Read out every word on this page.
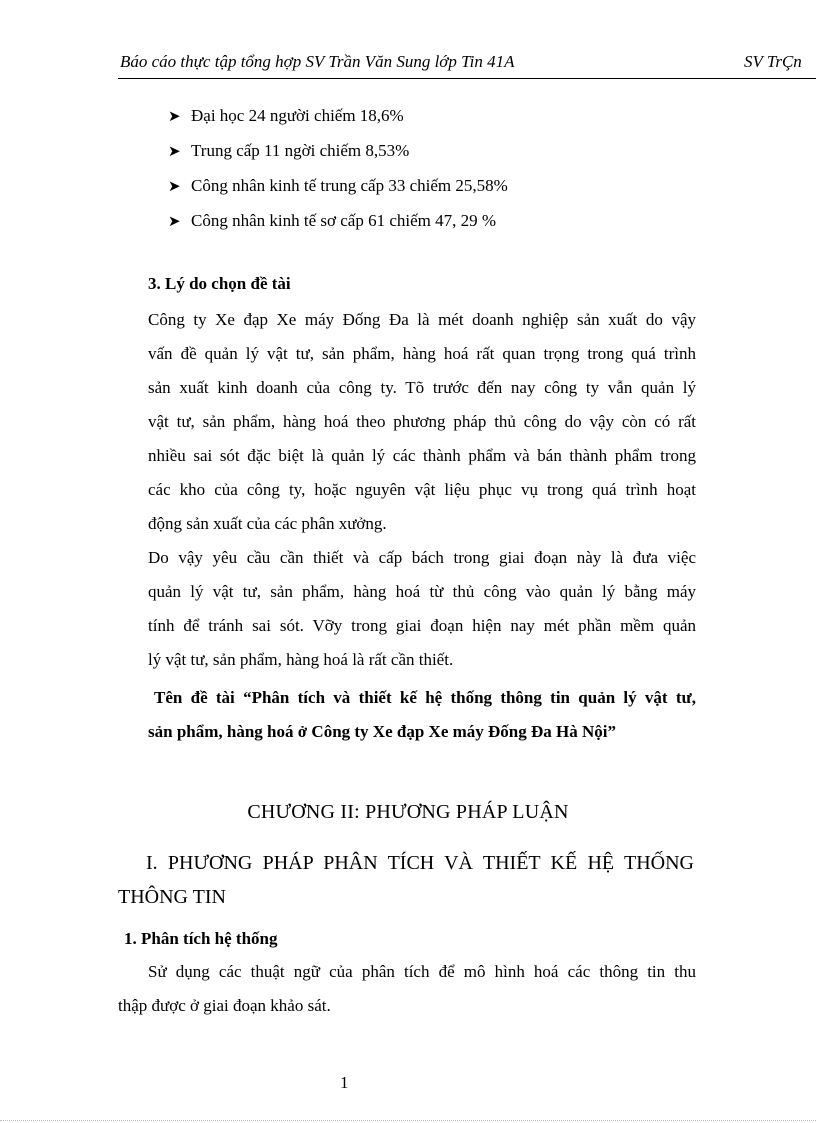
Báo cáo thực tập tổng hợp SV Trần Văn Sung lớp Tin 41A	SV TrÇn
➤ Đại học 24 người chiếm 18,6%
➤ Trung cấp 11 ngời chiếm 8,53%
➤ Công nhân kinh tế trung cấp 33 chiếm 25,58%
➤ Công nhân kinh tế sơ cấp 61 chiếm 47, 29 %
3. Lý do chọn đề tài
Công ty Xe đạp Xe máy Đống Đa là mét doanh nghiệp sản xuất do vậy
vấn đề quản lý vật tư, sản phẩm, hàng hoá rất quan trọng trong quá trình
sản xuất kinh doanh của công ty. Tõ trước đến nay công ty vẫn quản lý
vật tư, sản phẩm, hàng hoá theo phương pháp thủ công do vậy còn có rất
nhiều sai sót đặc biệt là quản lý các thành phẩm và bán thành phẩm trong
các kho của công ty, hoặc nguyên vật liệu phục vụ trong quá trình hoạt
động sản xuất của các phân xưởng.
Do vậy yêu cầu cần thiết và cấp bách trong giai đoạn này là đưa việc
quản lý vật tư, sản phẩm, hàng hoá từ thủ công vào quản lý bằng máy
tính để tránh sai sót. Vỡy trong giai đoạn hiện nay mét phần mềm quản
lý vật tư, sản phẩm, hàng hoá là rất cần thiết.
Tên đề tài “Phân tích và thiết kế hệ thống thông tin quản lý vật tư,
sản phẩm, hàng hoá ở Công ty Xe đạp Xe máy Đống Đa Hà Nội”
CHƯƠNG II: PHƯƠNG PHÁP LUẬN
I. PHƯƠNG PHÁP PHÂN TÍCH VÀ THIẾT KẾ HỆ THỐNG
THÔNG TIN
1. Phân tích hệ thống
Sử dụng các thuật ngữ của phân tích để mô hình hoá các thông tin thu
thập được ở giai đoạn khảo sát.
1
